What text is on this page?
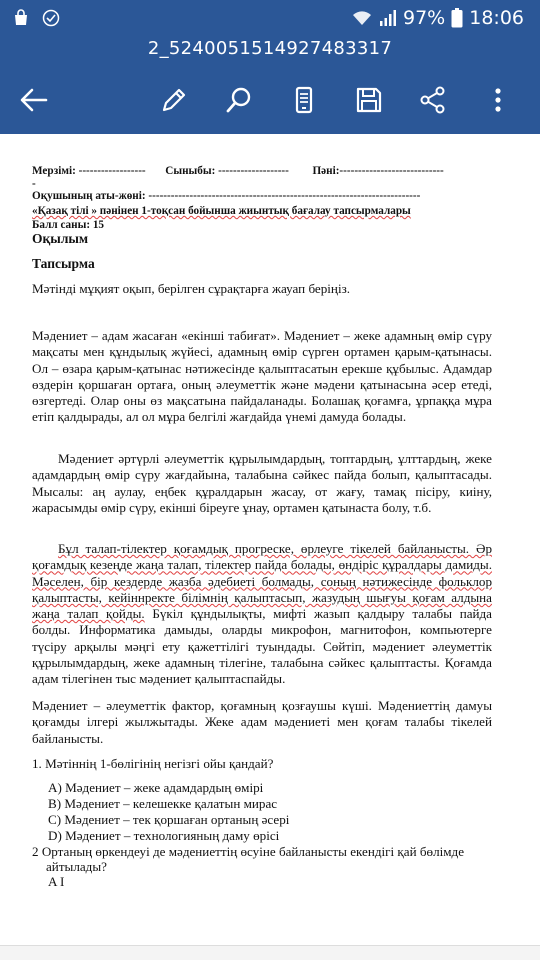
97% 18:06
2_5240051514927483317
Мерзімі: ------------------ Сыныбы: ------------------- Пәні:----------------------------
-
Оқушының аты-жөні: -------------------------------------------------------------------------
«Қазақ тілі » пәнінен 1-тоқсан бойынша жиынтық бағалау тапсырмалары
Балл саны: 15
Оқылым
Тапсырма

Мәтінді мұқият оқып, берілген сұрақтарға жауап беріңіз.

Мәдениет – адам жасаған «екінші табиғат». Мәдениет – жеке адамның өмір сүру мақсаты мен құндылық жүйесі, адамның өмір сүрген ортамен қарым-қатынасы. Ол – өзара қарым-қатынас нәтижесінде қалыптасатын ерекше құбылыс. Адамдар өздерін қоршаған ортаға, оның әлеуметтік және мәдени қатынасына әсер етеді, өзгертеді. Олар оны өз мақсатына пайдаланады. Болашақ қоғамға, ұрпаққа мұра етіп қалдырады, ал ол мұра белгілі жағдайда үнемі дамуда болады.

Мәдениет әртүрлі әлеуметтік құрылымдардың, топтардың, ұлттардың, жеке адамдардың өмір сүру жағдайына, талабына сәйкес пайда болып, қалыптасады. Мысалы: аң аулау, еңбек құралдарын жасау, от жағу, тамақ пісіру, киіну, жарасымды өмір сүру, екінші біреуге ұнау, ортамен қатынаста болу, т.б.

Бұл талап-тілектер қоғамдық прогреске, өрлеуге тікелей байланысты. Әр қоғамдық кезеңде жаңа талап, тілектер пайда болады, өндіріс құралдары дамиды. Мәселен, бір кездерде жазба әдебиеті болмады, соның нәтижесінде фольклор қалыптасты, кейіннректе білімнің қалыптасып, жазудың шығуы қоғам алдына жаңа талап қойды. Бүкіл құндылықты, мифті жазып қалдыру талабы пайда болды. Информатика дамыды, оларды микрофон, магнитофон, компьютерге түсіру арқылы мәңгі ету қажеттілігі туындады. Сөйтіп, мәдениет әлеуметтік құрылымдардың, жеке адамның тілегіне, талабына сәйкес қалыптасты. Қоғамда адам тілегінен тыс мәдениет қалыптаспайды.

Мәдениет – әлеуметтік фактор, қоғамның қозғаушы күші. Мәдениеттің дамуы қоғамды ілгері жылжытады. Жеке адам мәдениеті мен қоғам талабы тікелей байланысты.

1. Мәтіннің 1-бөлігінің негізгі ойы қандай?
A) Мәдениет – жеке адамдардың өмірі
B) Мәдениет – келешекке қалатын мирас
C) Мәдениет – тек қоршаған ортаның әсері
D) Мәдениет – технологияның даму өрісі
2 Ортаның өркендеуі де мәдениеттің өсуіне байланысты екендігі қай бөлімде
айтылады?
A I
